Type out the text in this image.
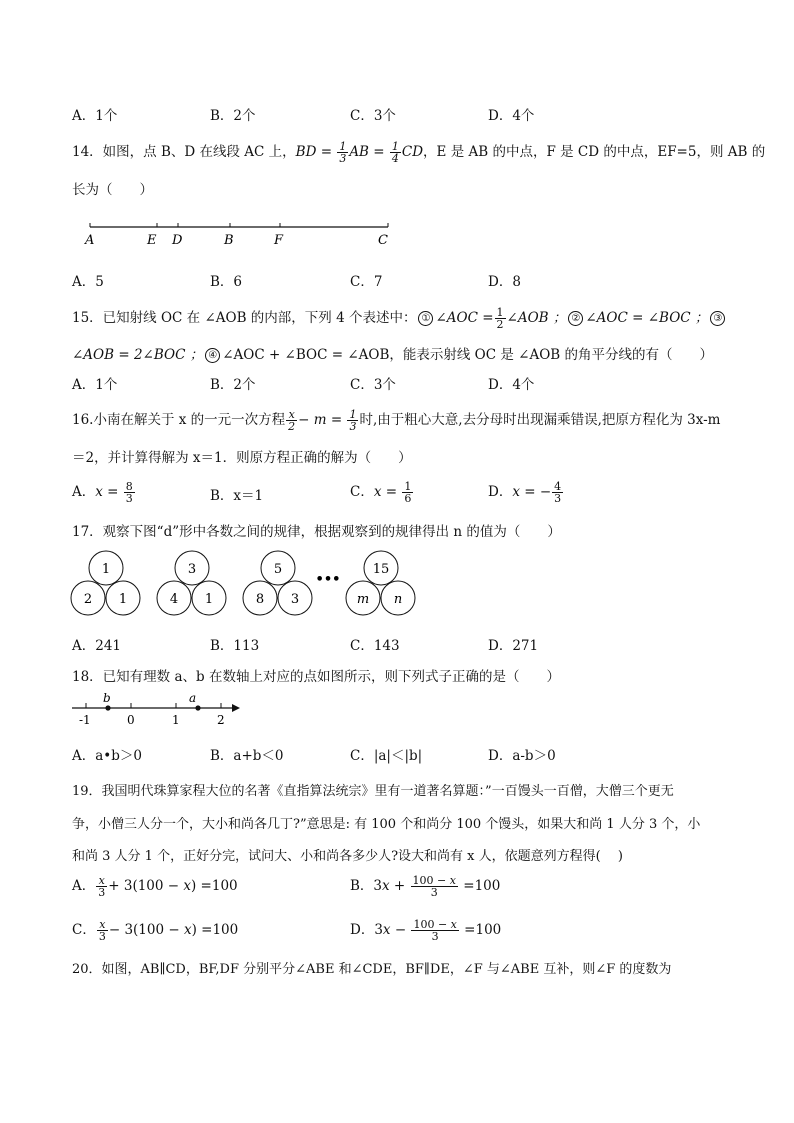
A．1个	B．2个	C．3个	D．4个
14．如图，点 B、D 在线段 AC 上，BD = $\frac{1}{3}$ AB = $\frac{1}{4}$ CD，E 是 AB 的中点，F 是 CD 的中点，EF=5，则 AB 的
长为（　　）
A	E D	B	F	C
A．5	B．6	C．7	D．8
15．已知射线 OC 在 ∠AOB 的内部，下列 4 个表述中： ① ∠AOC = $\frac{1}{2}$ ∠AOB ； ② ∠AOC = ∠BOC ； ③
∠AOB = 2∠BOC ； ④ ∠AOC + ∠BOC = ∠AOB，能表示射线 OC 是 ∠AOB 的角平分线的有（　　）
A．1个	B．2个	C．3个	D．4个
16.小南在解关于 x 的一元一次方程 $\frac{x}{2} - m = \frac{1}{3}$ 时,由于粗心大意,去分母时出现漏乘错误,把原方程化为 3x-m
＝2，并计算得解为 x＝1．则原方程正确的解为（　　）
A．$x = \frac{8}{3}$	B．x＝1	C．$x = \frac{1}{6}$	D．x = − $\frac{4}{3}$
17．观察下图“d”形中各数之间的规律，根据观察到的规律得出 n 的值为（　　）
1
2 1
3
4 1
5
8 3
•••
15
m n
A．241	B．113	C．143	D．271
18．已知有理数 a、b 在数轴上对应的点如图所示，则下列式子正确的是（　　）
b	a
-1	0	1	2
A．a•b＞0	B．a+b＜0	C．|a|＜|b|	D．a-b＞0
19．我国明代珠算家程大位的名著《直指算法统宗》里有一道著名算题：”一百馒头一百僧，大僧三个更无
争，小僧三人分一个，大小和尚各几丁?”意思是: 有 100 个和尚分 100 个馒头，如果大和尚 1 人分 3 个，小
和尚 3 人分 1 个，正好分完，试问大、小和尚各多少人?设大和尚有 x 人，依题意列方程得(　 )
A． $\frac{x}{3} + 3(100 - x) =100$	B．$3x + \frac{100 - x}{3} =100$
C． $\frac{x}{3} - 3(100 - x) =100$	D．$3x - \frac{100 - x}{3} =100$
20．如图，AB∥CD，BF,DF 分别平分∠ABE 和∠CDE，BF∥DE，∠F 与∠ABE 互补，则∠F 的度数为
